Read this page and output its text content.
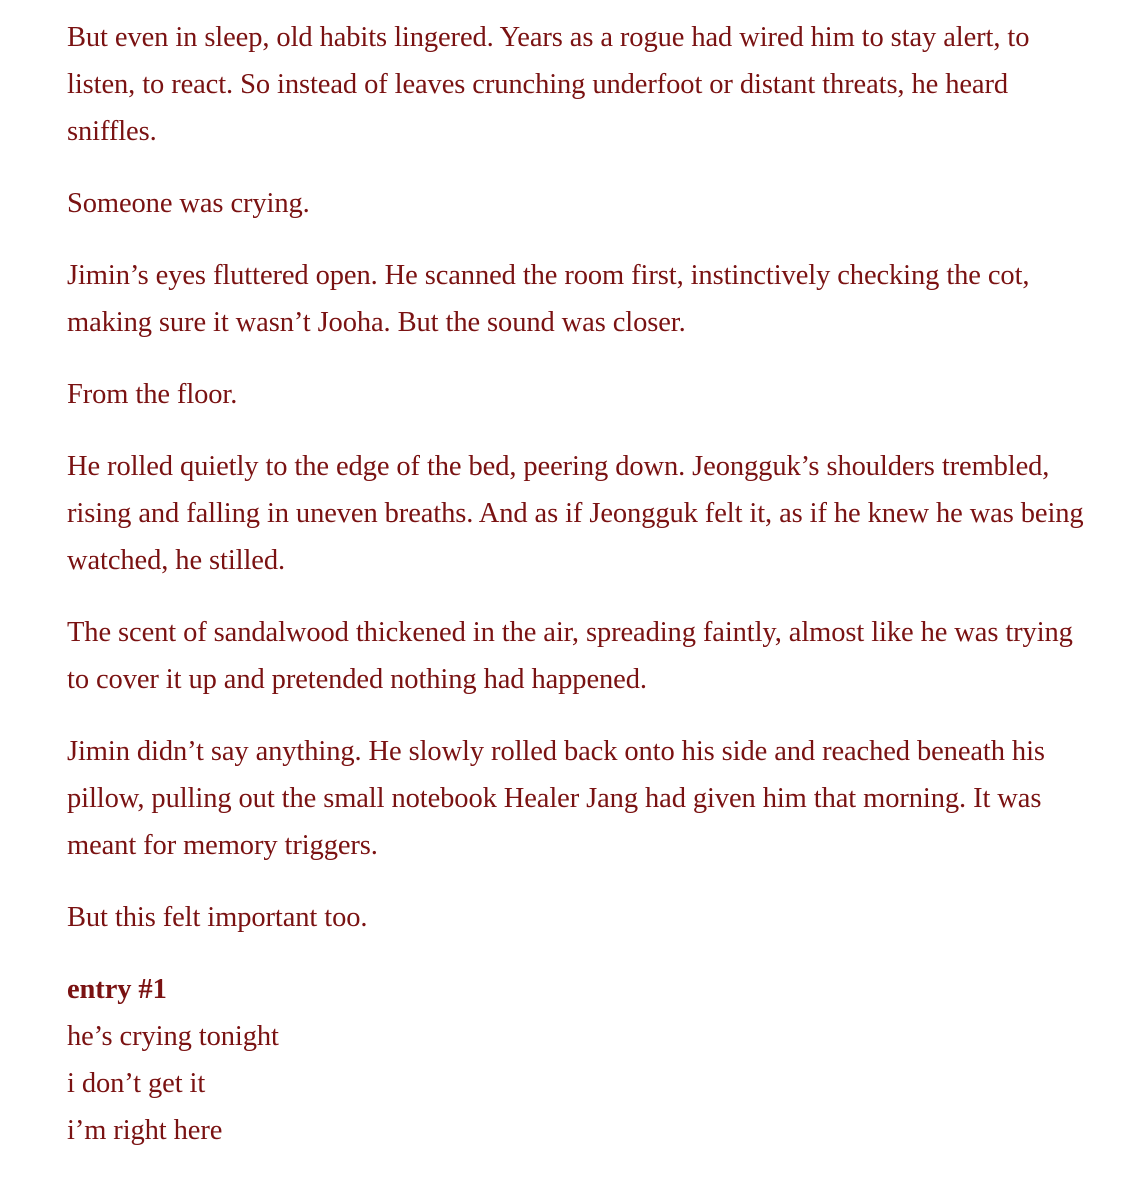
But even in sleep, old habits lingered. Years as a rogue had wired him to stay alert, to listen, to react. So instead of leaves crunching underfoot or distant threats, he heard sniffles.

Someone was crying.

Jimin’s eyes fluttered open. He scanned the room first, instinctively checking the cot, making sure it wasn’t Jooha. But the sound was closer.

From the floor.

He rolled quietly to the edge of the bed, peering down. Jeongguk’s shoulders trembled, rising and falling in uneven breaths. And as if Jeongguk felt it, as if he knew he was being watched, he stilled.

The scent of sandalwood thickened in the air, spreading faintly, almost like he was trying to cover it up and pretended nothing had happened.

Jimin didn’t say anything. He slowly rolled back onto his side and reached beneath his pillow, pulling out the small notebook Healer Jang had given him that morning. It was meant for memory triggers.

But this felt important too.

entry #1
he’s crying tonight
i don’t get it
i’m right here
